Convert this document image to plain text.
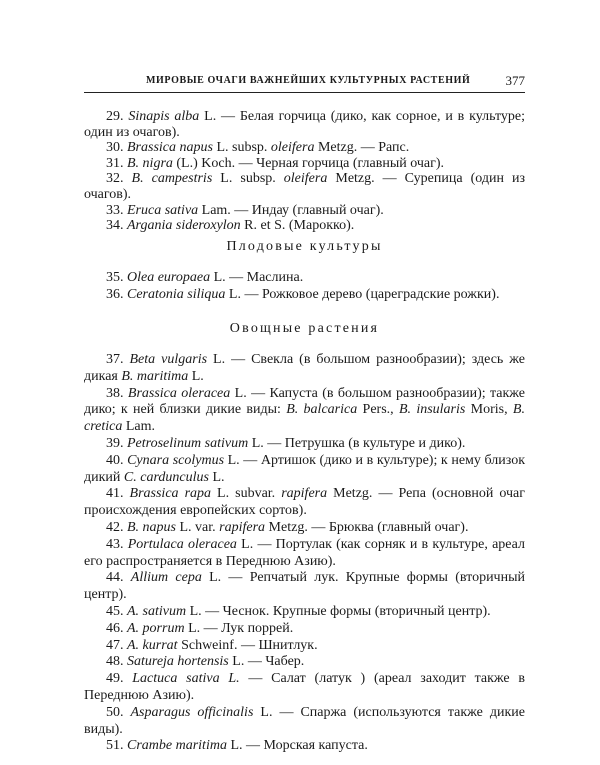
МИРОВЫЕ ОЧАГИ ВАЖНЕЙШИХ КУЛЬТУРНЫХ РАСТЕНИЙ	377

29. Sinapis alba L. — Белая горчица (дико, как сорное, и в культуре; один из очагов).

30. Brassica napus L. subsp. oleifera Metzg. — Рапс.

31. B. nigra (L.) Koch. — Черная горчица (главный очаг).

32. B. campestris L. subsp. oleifera Metzg. — Сурепица (один из очагов).

33. Eruca sativa Lam. — Индау (главный очаг).

34. Argania sideroxylon R. et S. (Марокко).

Плодовые культуры

35. Olea europaea L. — Маслина.

36. Ceratonia siliqua L. — Рожковое дерево (цареградские рожки).

Овощные растения

37. Beta vulgaris L. — Свекла (в большом разнообразии); здесь же дикая B. maritima L.

38. Brassica oleracea L. — Капуста (в большом разнообразии); также дико; к ней близки дикие виды: B. balcarica Pers., B. insularis Moris, B. cretica Lam.

39. Petroselinum sativum L. — Петрушка (в культуре и дико).

40. Cynara scolymus L. — Артишок (дико и в культуре); к нему близок дикий C. cardunculus L.

41. Brassica rapa L. subvar. rapifera Metzg. — Репа (основной очаг происхождения европейских сортов).

42. B. napus L. var. rapifera Metzg. — Брюква (главный очаг).

43. Portulaca oleracea L. — Портулак (как сорняк и в культуре, ареал его распространяется в Переднюю Азию).

44. Allium cepa L. — Репчатый лук. Крупные формы (вторичный центр).

45. A. sativum L. — Чеснок. Крупные формы (вторичный центр).

46. A. porrum L. — Лук поррей.

47. A. kurrat Schweinf. — Шнитлук.

48. Satureja hortensis L. — Чабер.

49. Lactuca sativa L. — Салат (латук ) (ареал заходит также в Переднюю Азию).

50. Asparagus officinalis L. — Спаржа (используются также дикие виды).

51. Crambe maritima L. — Морская капуста.
